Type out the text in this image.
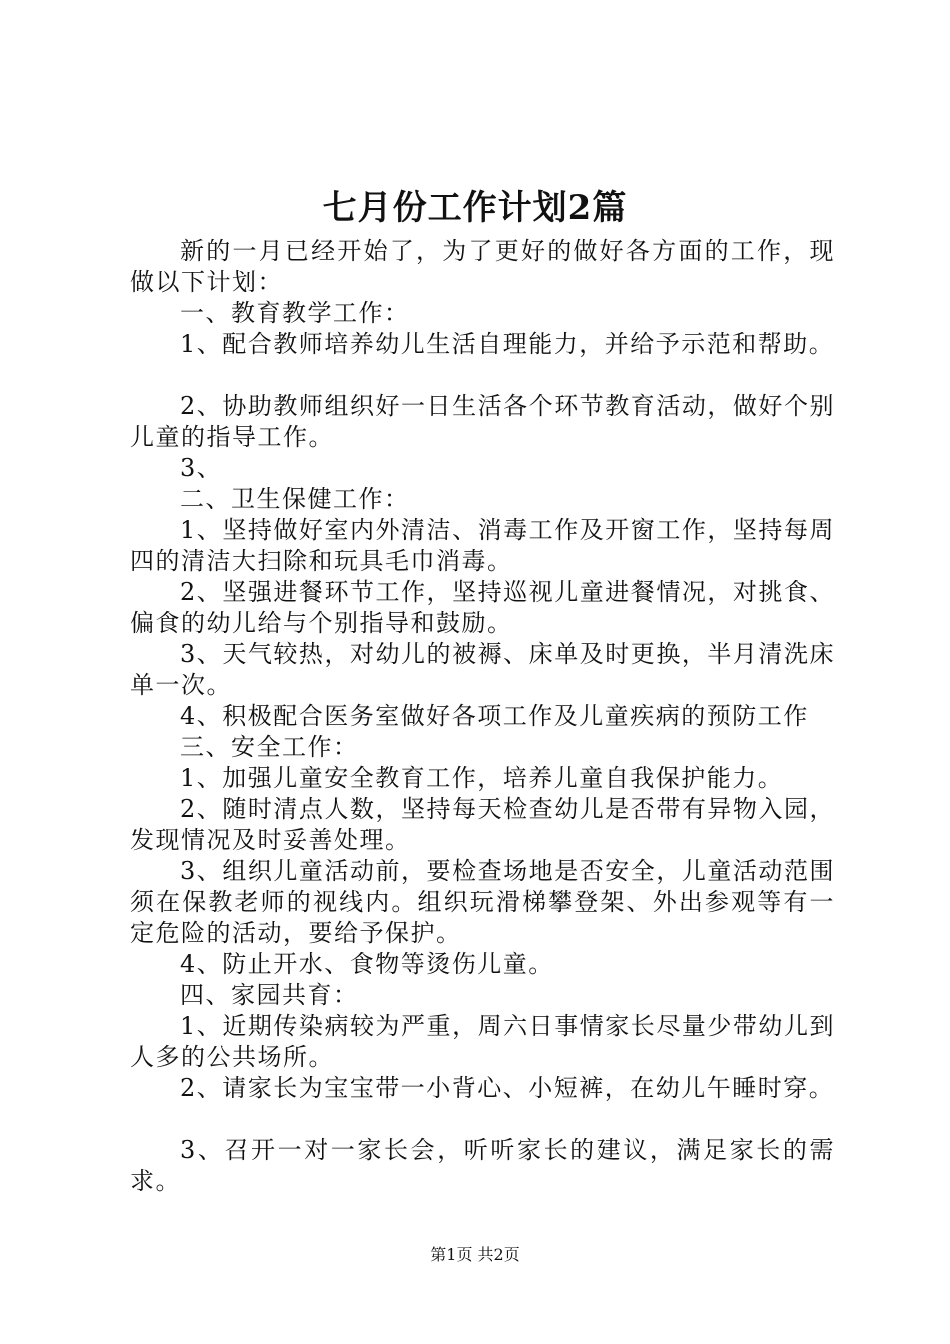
七月份工作计划2篇

新的一月已经开始了，为了更好的做好各方面的工作，现做以下计划：

一、教育教学工作：

1、配合教师培养幼儿生活自理能力，并给予示范和帮助。

2、协助教师组织好一日生活各个环节教育活动，做好个别儿童的指导工作。

3、

二、卫生保健工作：

1、坚持做好室内外清洁、消毒工作及开窗工作，坚持每周四的清洁大扫除和玩具毛巾消毒。

2、坚强进餐环节工作，坚持巡视儿童进餐情况，对挑食、偏食的幼儿给与个别指导和鼓励。

3、天气较热，对幼儿的被褥、床单及时更换，半月清洗床单一次。

4、积极配合医务室做好各项工作及儿童疾病的预防工作

三、安全工作：

1、加强儿童安全教育工作，培养儿童自我保护能力。

2、随时清点人数，坚持每天检查幼儿是否带有异物入园，发现情况及时妥善处理。

3、组织儿童活动前，要检查场地是否安全，儿童活动范围须在保教老师的视线内。组织玩滑梯攀登架、外出参观等有一定危险的活动，要给予保护。

4、防止开水、食物等烫伤儿童。

四、家园共育：

1、近期传染病较为严重，周六日事情家长尽量少带幼儿到人多的公共场所。

2、请家长为宝宝带一小背心、小短裤，在幼儿午睡时穿。

3、召开一对一家长会，听听家长的建议，满足家长的需求。

第1页 共2页
